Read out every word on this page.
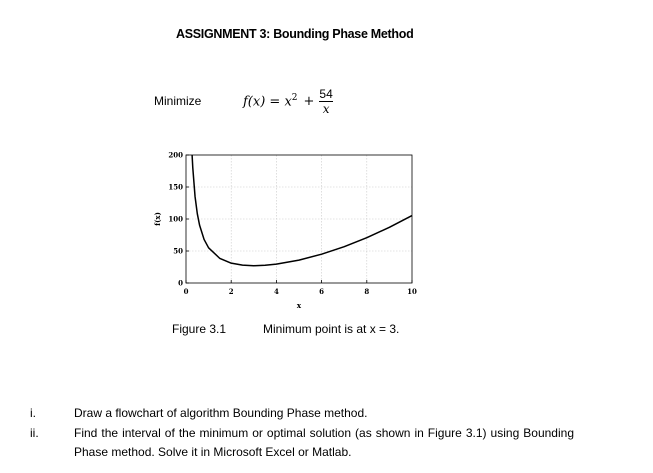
ASSIGNMENT 3: Bounding Phase Method
Minimize	$f(x) = x^2 + \frac{54}{x}$
0	2	4	6	8	10
0
50
100
150
200
x
f(x)
Figure 3.1	Minimum point is at x = 3.
i.	Draw a flowchart of algorithm Bounding Phase method.
ii.	Find the interval of the minimum or optimal solution (as shown in Figure 3.1) using Bounding Phase method. Solve it in Microsoft Excel or Matlab.
